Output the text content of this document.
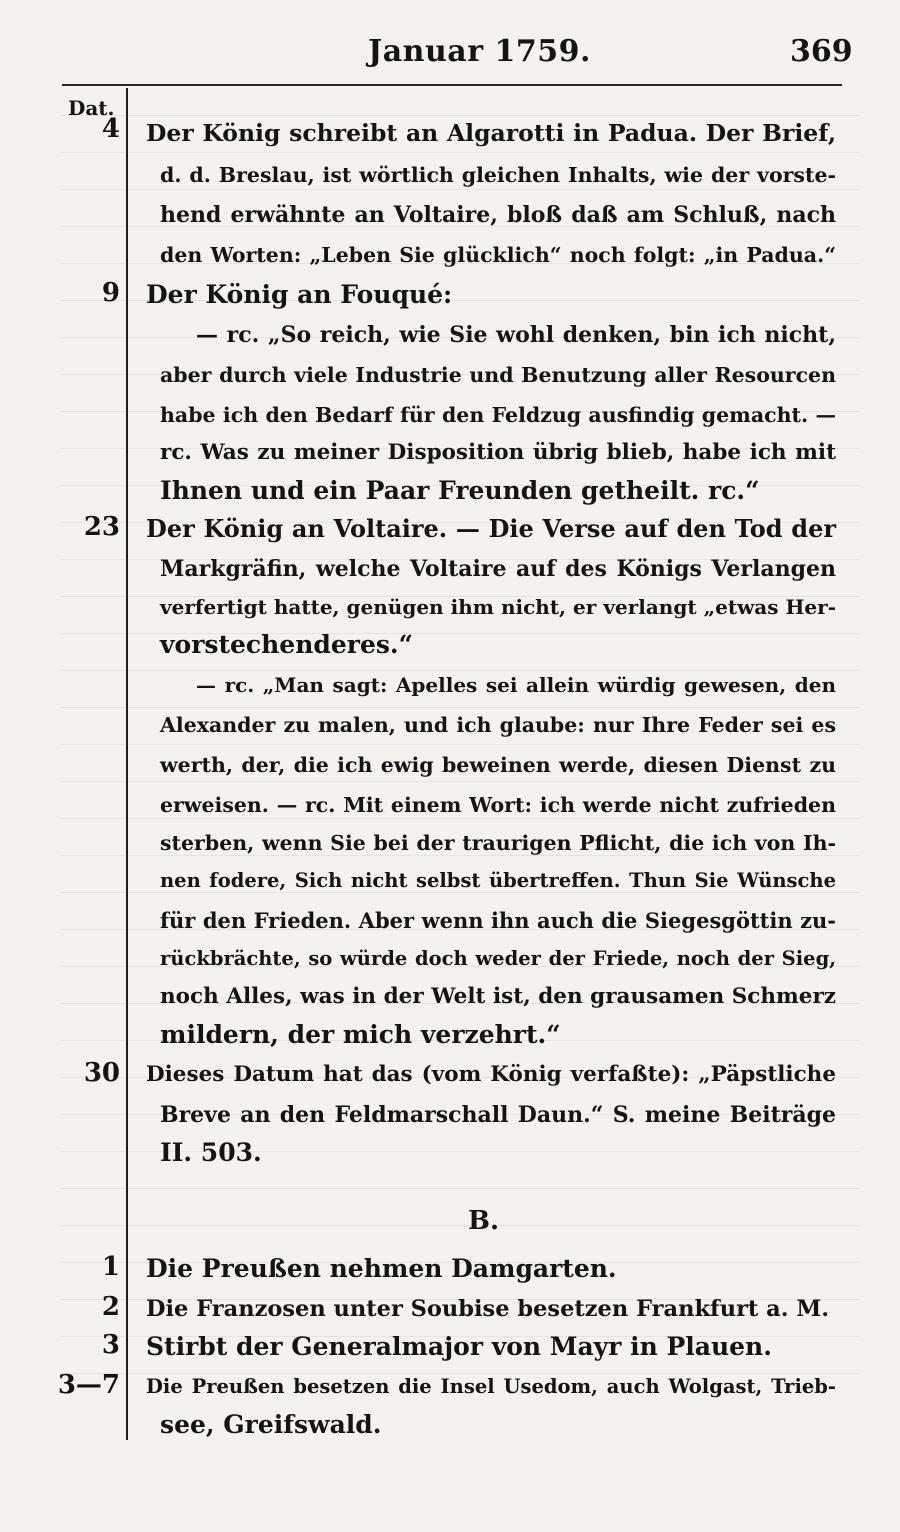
Januar 1759.	369
Dat.
4 Der König schreibt an Algarotti in Padua. Der Brief,
d. d. Breslau, ist wörtlich gleichen Inhalts, wie der vorste-
hend erwähnte an Voltaire, bloß daß am Schluß, nach
den Worten: „Leben Sie glücklich“ noch folgt: „in Padua.“
9 Der König an Fouqué:
— rc. „So reich, wie Sie wohl denken, bin ich nicht,
aber durch viele Industrie und Benutzung aller Resourcen
habe ich den Bedarf für den Feldzug ausfindig gemacht. —
rc. Was zu meiner Disposition übrig blieb, habe ich mit
Ihnen und ein Paar Freunden getheilt. rc.“
23 Der König an Voltaire. — Die Verse auf den Tod der
Markgräfin, welche Voltaire auf des Königs Verlangen
verfertigt hatte, genügen ihm nicht, er verlangt „etwas Her-
vorstechenderes.“
— rc. „Man sagt: Apelles sei allein würdig gewesen, den
Alexander zu malen, und ich glaube: nur Ihre Feder sei es
werth, der, die ich ewig beweinen werde, diesen Dienst zu
erweisen. — rc. Mit einem Wort: ich werde nicht zufrieden
sterben, wenn Sie bei der traurigen Pflicht, die ich von Ih-
nen fodere, Sich nicht selbst übertreffen. Thun Sie Wünsche
für den Frieden. Aber wenn ihn auch die Siegesgöttin zu-
rückbrächte, so würde doch weder der Friede, noch der Sieg,
noch Alles, was in der Welt ist, den grausamen Schmerz
mildern, der mich verzehrt.“
30 Dieses Datum hat das (vom König verfaßte): „Päpstliche
Breve an den Feldmarschall Daun.“ S. meine Beiträge
II. 503.
B.
1 Die Preußen nehmen Damgarten.
2 Die Franzosen unter Soubise besetzen Frankfurt a. M.
3 Stirbt der Generalmajor von Mayr in Plauen.
3—7 Die Preußen besetzen die Insel Usedom, auch Wolgast, Trieb-
see, Greifswald.
